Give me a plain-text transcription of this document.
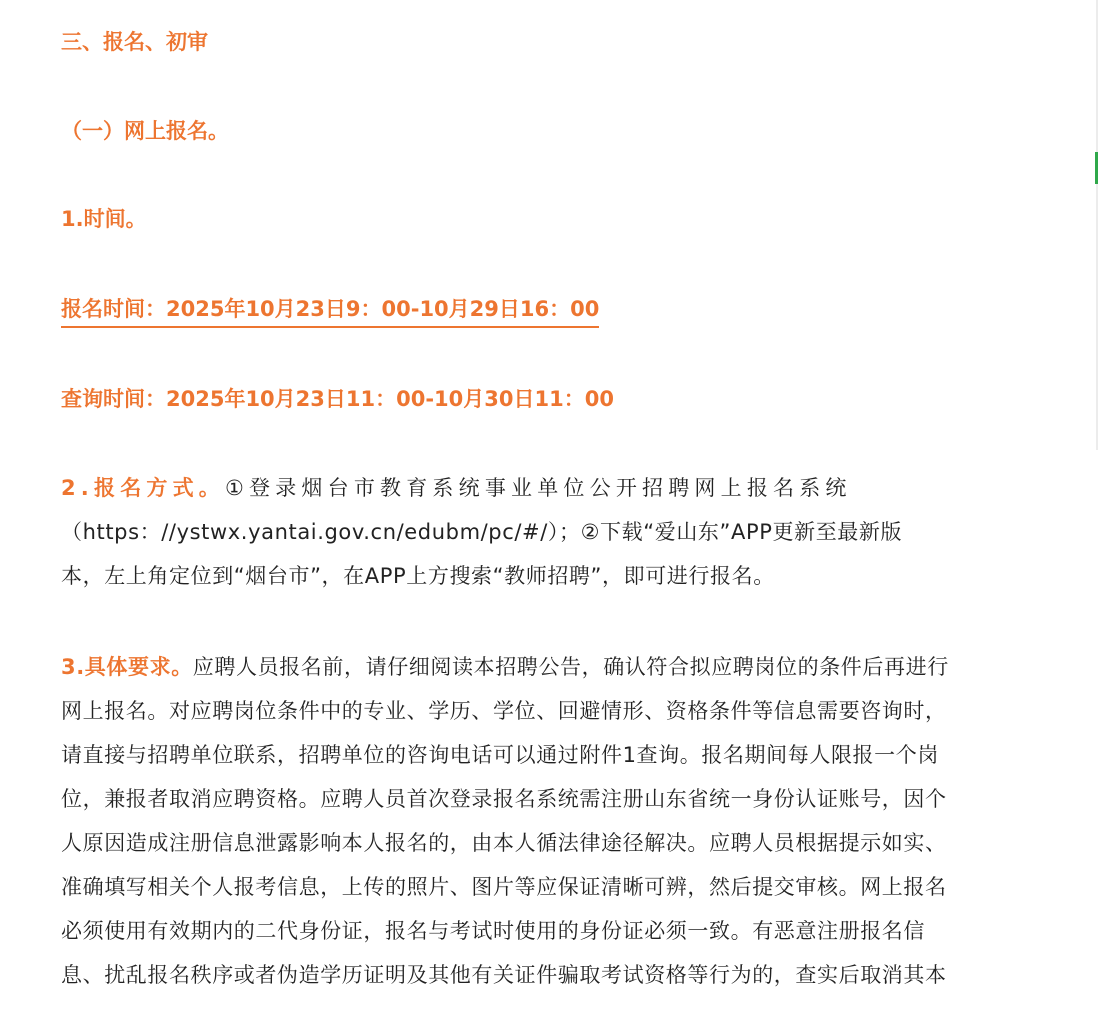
三、报名、初审

（一）网上报名。

1.时间。

报名时间：2025年10月23日9：00-10月29日16：00

查询时间：2025年10月23日11：00-10月30日11：00

2.报名方式。①登录烟台市教育系统事业单位公开招聘网上报名系统
（https：//ystwx.yantai.gov.cn/edubm/pc/#/）；②下载“爱山东”APP更新至最新版
本，左上角定位到“烟台市”，在APP上方搜索“教师招聘”，即可进行报名。
3.具体要求。应聘人员报名前，请仔细阅读本招聘公告，确认符合拟应聘岗位的条件后再进行
网上报名。对应聘岗位条件中的专业、学历、学位、回避情形、资格条件等信息需要咨询时，
请直接与招聘单位联系，招聘单位的咨询电话可以通过附件1查询。报名期间每人限报一个岗
位，兼报者取消应聘资格。应聘人员首次登录报名系统需注册山东省统一身份认证账号，因个
人原因造成注册信息泄露影响本人报名的，由本人循法律途径解决。应聘人员根据提示如实、
准确填写相关个人报考信息，上传的照片、图片等应保证清晰可辨，然后提交审核。网上报名
必须使用有效期内的二代身份证，报名与考试时使用的身份证必须一致。有恶意注册报名信
息、扰乱报名秩序或者伪造学历证明及其他有关证件骗取考试资格等行为的，查实后取消其本
